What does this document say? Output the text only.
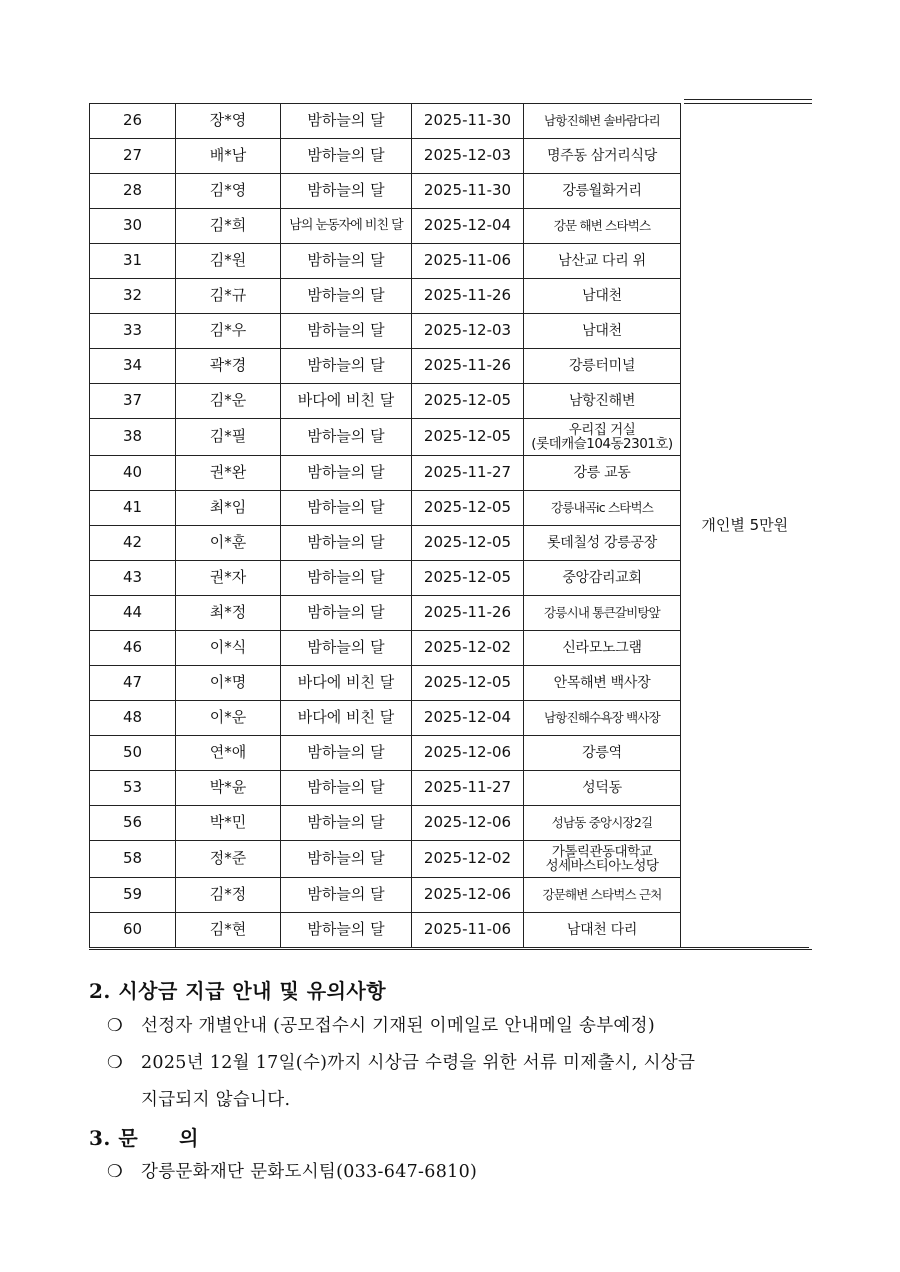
26	장*영	밤하늘의 달	2025-11-30	남항진해변 솔바람다리	개인별 5만원
27	배*남	밤하늘의 달	2025-12-03	명주동 삼거리식당	
28	김*영	밤하늘의 달	2025-11-30	강릉월화거리	
30	김*희	남의 눈동자에 비친 달	2025-12-04	강문 해변 스타벅스	
31	김*원	밤하늘의 달	2025-11-06	남산교 다리 위	
32	김*규	밤하늘의 달	2025-11-26	남대천	
33	김*우	밤하늘의 달	2025-12-03	남대천	
34	곽*경	밤하늘의 달	2025-11-26	강릉터미널	
37	김*운	바다에 비친 달	2025-12-05	남항진해변	
38	김*필	밤하늘의 달	2025-12-05	우리집 거실
(롯데캐슬104동2301호)	

40	권*완	밤하늘의 달	2025-11-27	강릉 교동	
41	최*임	밤하늘의 달	2025-12-05	강릉내곡ic 스타벅스	
42	이*훈	밤하늘의 달	2025-12-05	롯데칠성 강릉공장	
43	권*자	밤하늘의 달	2025-12-05	중앙감리교회	
44	최*정	밤하늘의 달	2025-11-26	강릉시내 통큰갈비탕앞	
46	이*식	밤하늘의 달	2025-12-02	신라모노그램	
47	이*명	바다에 비친 달	2025-12-05	안목해변 백사장	
48	이*운	바다에 비친 달	2025-12-04	남항진해수욕장 백사장	
50	연*애	밤하늘의 달	2025-12-06	강릉역	
53	박*윤	밤하늘의 달	2025-11-27	성덕동	
56	박*민	밤하늘의 달	2025-12-06	성남동 중앙시장2길	
58	정*준	밤하늘의 달	2025-12-02	가톨릭관동대학교
성세바스티아노성당	

59	김*정	밤하늘의 달	2025-12-06	강문해변 스타벅스 근처	
60	김*현	밤하늘의 달	2025-11-06	남대천 다리	
2. 시상금 지급 안내 및 유의사항
❍ 선정자 개별안내 (공모접수시 기재된 이메일로 안내메일 송부예정)
❍ 2025년 12월 17일(수)까지 시상금 수령을 위한 서류 미제출시, 시상금
지급되지 않습니다.
3. 문　　의
❍ 강릉문화재단 문화도시팀(033-647-6810)
